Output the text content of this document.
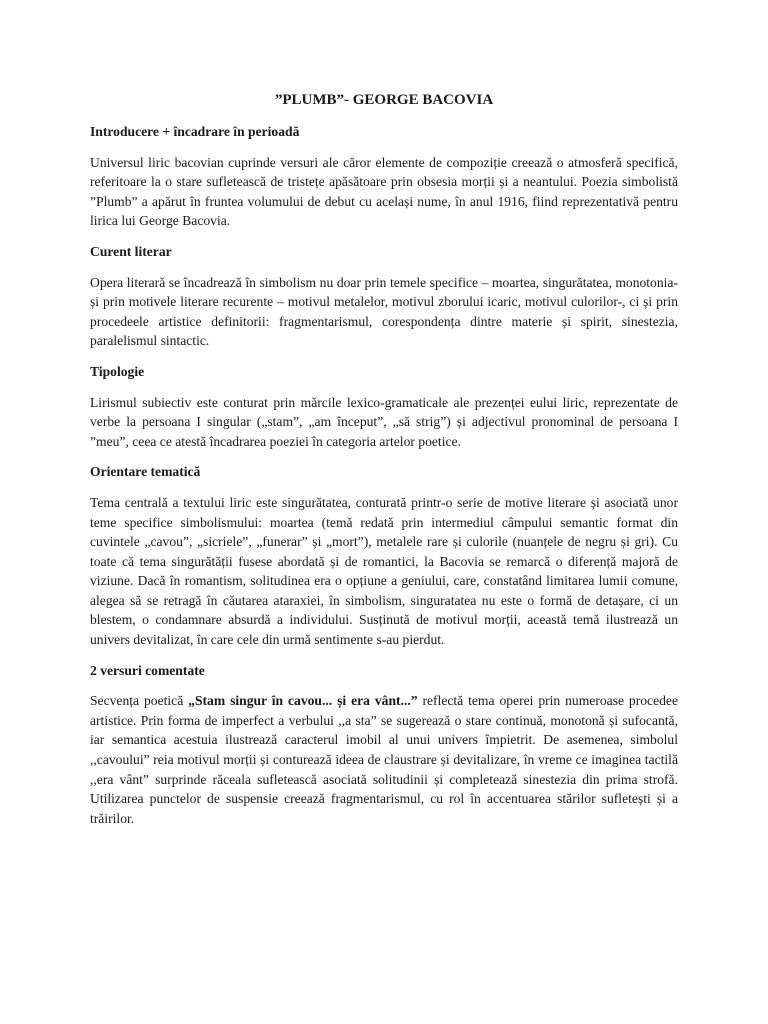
”PLUMB”- GEORGE BACOVIA
Introducere + încadrare în perioadă
Universul liric bacovian cuprinde versuri ale căror elemente de compoziție creează o atmosferă specifică, referitoare la o stare sufletească de tristețe apăsătoare prin obsesia morții și a neantului. Poezia simbolistă ”Plumb” a apărut în fruntea volumului de debut cu același nume, în anul 1916, fiind reprezentativă pentru lirica lui George Bacovia.
Curent literar
Opera literară se încadrează în simbolism nu doar prin temele specifice – moartea, singurătatea, monotonia- și prin motivele literare recurente – motivul metalelor, motivul zborului icaric, motivul culorilor-, ci și prin procedeele artistice definitorii: fragmentarismul, corespondența dintre materie și spirit, sinestezia, paralelismul sintactic.
Tipologie
Lirismul subiectiv este conturat prin mărcile lexico-gramaticale ale prezenței eului liric, reprezentate de verbe la persoana I singular („stam”, „am început”, „să strig”) și adjectivul pronominal de persoana I ”meu”, ceea ce atestă încadrarea poeziei în categoria artelor poetice.
Orientare tematică
Tema centrală a textului liric este singurătatea, conturată printr-o serie de motive literare și asociată unor teme specifice simbolismului: moartea (temă redată prin intermediul câmpului semantic format din cuvintele „cavou”, „sicriele”, „funerar” și „mort”), metalele rare și culorile (nuanțele de negru și gri). Cu toate că tema singurătății fusese abordată și de romantici, la Bacovia se remarcă o diferență majoră de viziune. Dacă în romantism, solitudinea era o opțiune a geniului, care, constatând limitarea lumii comune, alegea să se retragă în căutarea ataraxiei, în simbolism, singuratatea nu este o formă de detașare, ci un blestem, o condamnare absurdă a individului. Susținută de motivul morții, această temă ilustrează un univers devitalizat, în care cele din urmă sentimente s-au pierdut.
2 versuri comentate
Secvența poetică „Stam singur în cavou... și era vânt...” reflectă tema operei prin numeroase procedee artistice. Prin forma de imperfect a verbului ,,a sta” se sugerează o stare continuă, monotonă și sufocantă, iar semantica acestuia ilustrează caracterul imobil al unui univers împietrit. De asemenea, simbolul ,,cavoului” reia motivul morții și conturează ideea de claustrare și devitalizare, în vreme ce imaginea tactilă ,,era vânt” surprinde răceala sufletească asociată solitudinii și completează sinestezia din prima strofă. Utilizarea punctelor de suspensie creează fragmentarismul, cu rol în accentuarea stărilor sufletești și a trăirilor.
